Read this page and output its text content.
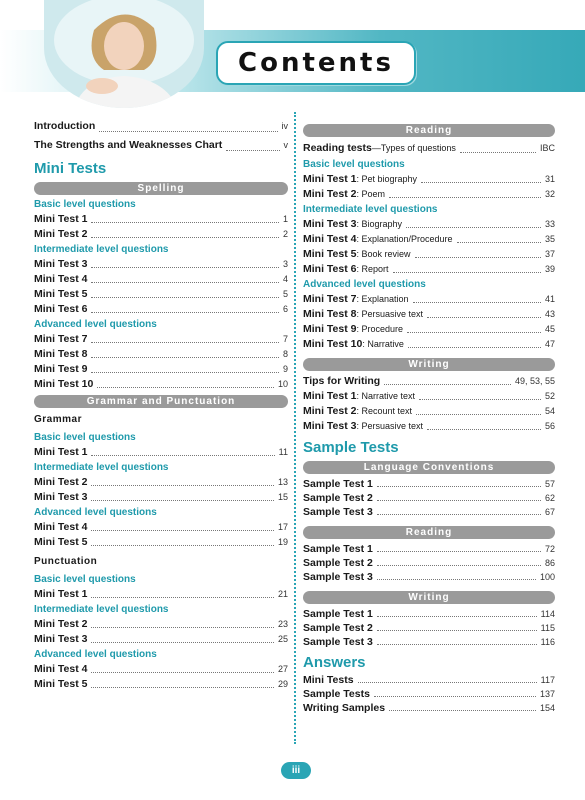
Contents
Introduction	iv
The Strengths and Weaknesses Chart	v
Mini Tests
Spelling
Basic level questions
Mini Test 1	1
Mini Test 2	2
Intermediate level questions
Mini Test 3	3
Mini Test 4	4
Mini Test 5	5
Mini Test 6	6
Advanced level questions
Mini Test 7	7
Mini Test 8	8
Mini Test 9	9
Mini Test 10	10
Grammar and Punctuation
Grammar
Basic level questions
Mini Test 1	11
Intermediate level questions
Mini Test 2	13
Mini Test 3	15
Advanced level questions
Mini Test 4	17
Mini Test 5	19
Punctuation
Basic level questions
Mini Test 1	21
Intermediate level questions
Mini Test 2	23
Mini Test 3	25
Advanced level questions
Mini Test 4	27
Mini Test 5	29
Reading
Reading tests—Types of questions	IBC
Basic level questions
Mini Test 1: Pet biography	31
Mini Test 2: Poem	32
Intermediate level questions
Mini Test 3: Biography	33
Mini Test 4: Explanation/Procedure	35
Mini Test 5: Book review	37
Mini Test 6: Report	39
Advanced level questions
Mini Test 7: Explanation	41
Mini Test 8: Persuasive text	43
Mini Test 9: Procedure	45
Mini Test 10: Narrative	47
Writing
Tips for Writing	49, 53, 55
Mini Test 1: Narrative text	52
Mini Test 2: Recount text	54
Mini Test 3: Persuasive text	56
Sample Tests
Language Conventions
Sample Test 1	57
Sample Test 2	62
Sample Test 3	67
Reading
Sample Test 1	72
Sample Test 2	86
Sample Test 3	100
Writing
Sample Test 1	114
Sample Test 2	115
Sample Test 3	116
Answers
Mini Tests	117
Sample Tests	137
Writing Samples	154
iii
